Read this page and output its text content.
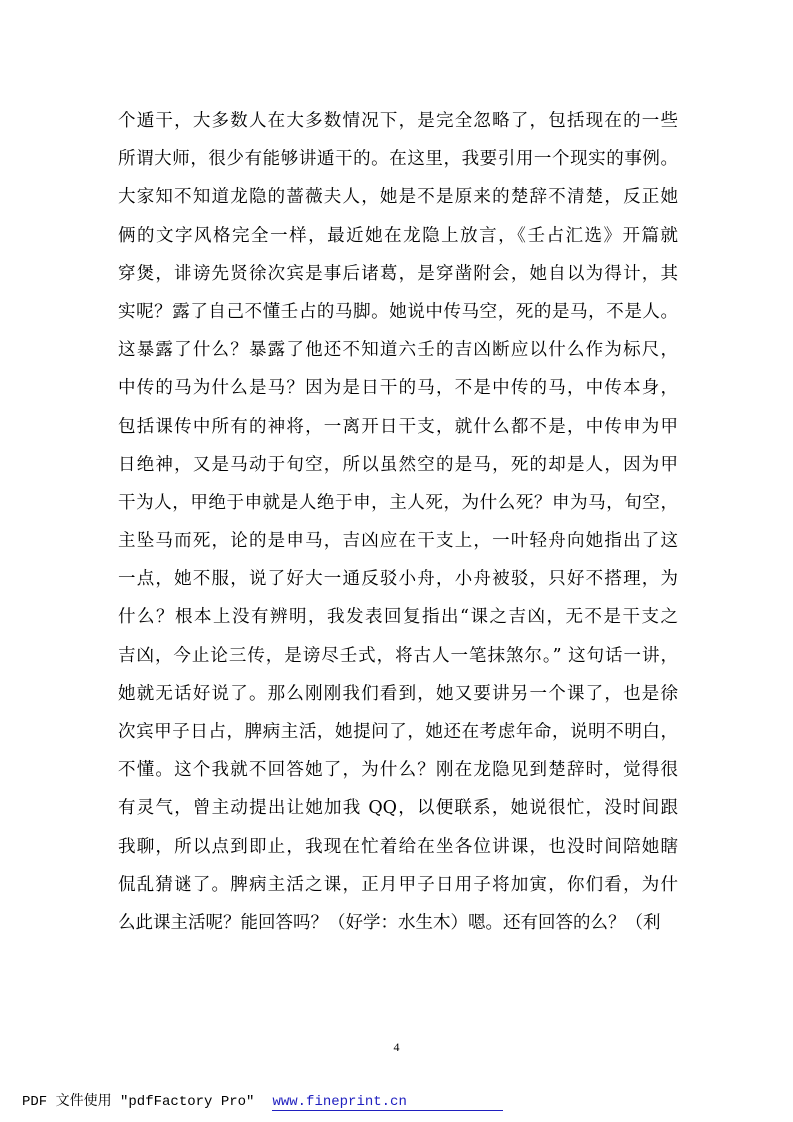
个遁干，大多数人在大多数情况下，是完全忽略了，包括现在的一些
所谓大师，很少有能够讲遁干的。在这里，我要引用一个现实的事例。
大家知不知道龙隐的蔷薇夫人，她是不是原来的楚辞不清楚，反正她
俩的文字风格完全一样，最近她在龙隐上放言，《壬占汇选》开篇就
穿煲，诽谤先贤徐次宾是事后诸葛，是穿凿附会，她自以为得计，其
实呢？露了自己不懂壬占的马脚。她说中传马空，死的是马，不是人。
这暴露了什么？暴露了他还不知道六壬的吉凶断应以什么作为标尺，
中传的马为什么是马？因为是日干的马，不是中传的马，中传本身，
包括课传中所有的神将，一离开日干支，就什么都不是，中传申为甲
日绝神，又是马动于旬空，所以虽然空的是马，死的却是人，因为甲
干为人，甲绝于申就是人绝于申，主人死，为什么死？申为马，旬空，
主坠马而死，论的是申马，吉凶应在干支上，一叶轻舟向她指出了这
一点，她不服，说了好大一通反驳小舟，小舟被驳，只好不搭理，为
什么？根本上没有辨明，我发表回复指出“课之吉凶，无不是干支之
吉凶，今止论三传，是谤尽壬式，将古人一笔抹煞尔。” 这句话一讲，
她就无话好说了。那么刚刚我们看到，她又要讲另一个课了，也是徐
次宾甲子日占，脾病主活，她提问了，她还在考虑年命，说明不明白，
不懂。这个我就不回答她了，为什么？刚在龙隐见到楚辞时，觉得很
有灵气，曾主动提出让她加我 QQ，以便联系，她说很忙，没时间跟
我聊，所以点到即止，我现在忙着给在坐各位讲课，也没时间陪她瞎
侃乱猜谜了。脾病主活之课，正月甲子日用子将加寅，你们看，为什
么此课主活呢？能回答吗？（好学：水生木）嗯。还有回答的么？（利
4
PDF 文件使用 "pdfFactory Pro" www.fineprint.cn
